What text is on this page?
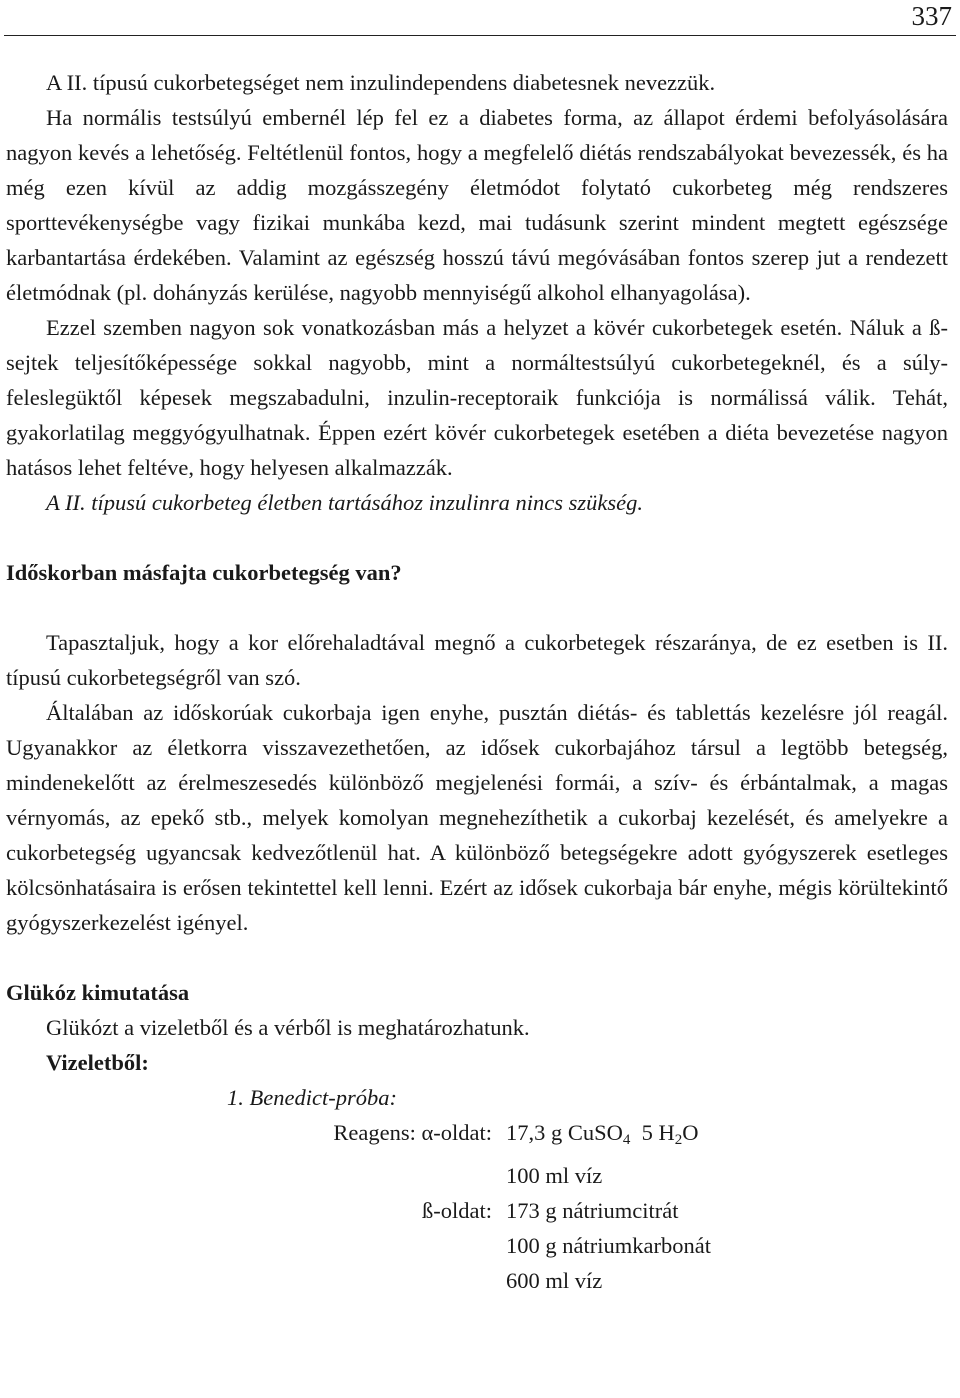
337

A II. típusú cukorbetegséget nem inzulindependens diabetesnek nevezzük.

Ha normális testsúlyú embernél lép fel ez a diabetes forma, az állapot érdemi befolyásolására nagyon kevés a lehetőség. Feltétlenül fontos, hogy a megfelelő diétás rendszabályokat bevezessék, és ha még ezen kívül az addig mozgásszegény életmódot folytató cukorbeteg még rendszeres sporttevékenységbe vagy fizikai munkába kezd, mai tudásunk szerint mindent megtett egészsége karbantartása érdekében. Valamint az egészség hosszú távú megóvásában fontos szerep jut a rendezett életmódnak (pl. dohányzás kerülése, nagyobb mennyiségű alkohol elhanyagolása).

Ezzel szemben nagyon sok vonatkozásban más a helyzet a kövér cukorbetegek esetén. Náluk a ß-sejtek teljesítőképessége sokkal nagyobb, mint a normáltestsúlyú cukorbetegeknél, és a súly-feleslegüktől képesek megszabadulni, inzulin-receptoraik funkciója is normálissá válik. Tehát, gyakorlatilag meggyógyulhatnak. Éppen ezért kövér cukorbetegek esetében a diéta bevezetése nagyon hatásos lehet feltéve, hogy helyesen alkalmazzák.

A II. típusú cukorbeteg életben tartásához inzulinra nincs szükség.

Időskorban másfajta cukorbetegség van?

Tapasztaljuk, hogy a kor előrehaladtával megnő a cukorbetegek részaránya, de ez esetben is II. típusú cukorbetegségről van szó.

Általában az időskorúak cukorbaja igen enyhe, pusztán diétás- és tablettás kezelésre jól reagál. Ugyanakkor az életkorra visszavezethetően, az idősek cukorbajához társul a legtöbb betegség, mindenekelőtt az érelmeszesedés különböző megjelenési formái, a szív- és érbántalmak, a magas vérnyomás, az epekő stb., melyek komolyan megnehezíthetik a cukorbaj kezelését, és amelyekre a cukorbetegség ugyancsak kedvezőtlenül hat. A különböző betegségekre adott gyógyszerek esetleges kölcsönhatásaira is erősen tekintettel kell lenni. Ezért az idősek cukorbaja bár enyhe, mégis körültekintő gyógyszerkezelést igényel.

Glükóz kimutatása

Glükózt a vizeletből és a vérből is meghatározhatunk.

Vizeletből:
1. Benedict-próba:
Reagens: α-oldat:	17,3 g CuSO$_4$  5 $H_2O$
	100 ml víz
ß-oldat:	173 g nátriumcitrát
	100 g nátriumkarbonát
	600 ml víz
